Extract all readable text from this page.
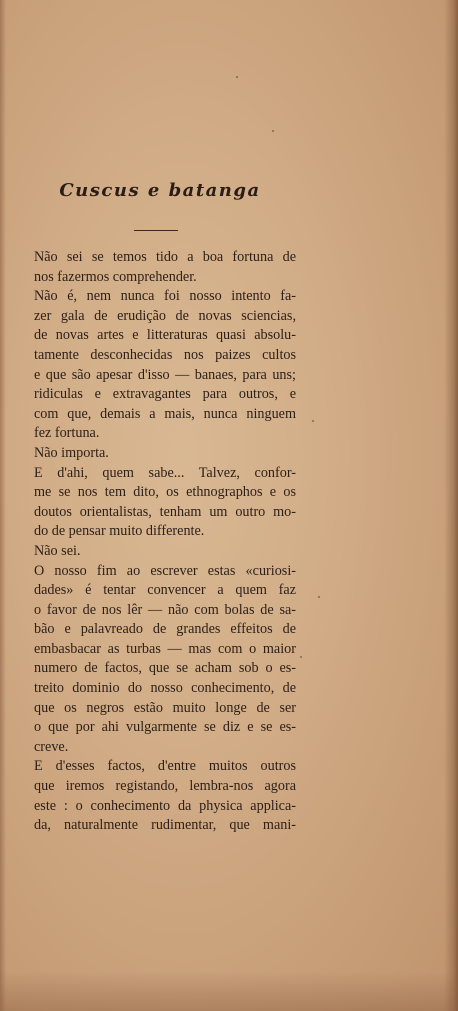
Cuscus e batanga
Não sei se temos tido a boa fortuna de
nos fazermos comprehender.
Não é, nem nunca foi nosso intento fa-
zer gala de erudição de novas sciencias,
de novas artes e litteraturas quasi absolu-
tamente desconhecidas nos paizes cultos
e que são apesar d'isso — banaes, para uns;
ridiculas e extravagantes para outros, e
com que, demais a mais, nunca ninguem
fez fortuna.
Não importa.
E d'ahi, quem sabe... Talvez, confor-
me se nos tem dito, os ethnographos e os
doutos orientalistas, tenham um outro mo-
do de pensar muito differente.
Não sei.
O nosso fim ao escrever estas «curiosi-
dades» é tentar convencer a quem faz
o favor de nos lêr — não com bolas de sa-
bão e palavreado de grandes effeitos de
embasbacar as turbas — mas com o maior
numero de factos, que se acham sob o es-
treito dominio do nosso conhecimento, de
que os negros estão muito longe de ser
o que por ahi vulgarmente se diz e se es-
creve.
E d'esses factos, d'entre muitos outros
que iremos registando, lembra-nos agora
este : o conhecimento da physica applica-
da, naturalmente rudimentar, que mani-
